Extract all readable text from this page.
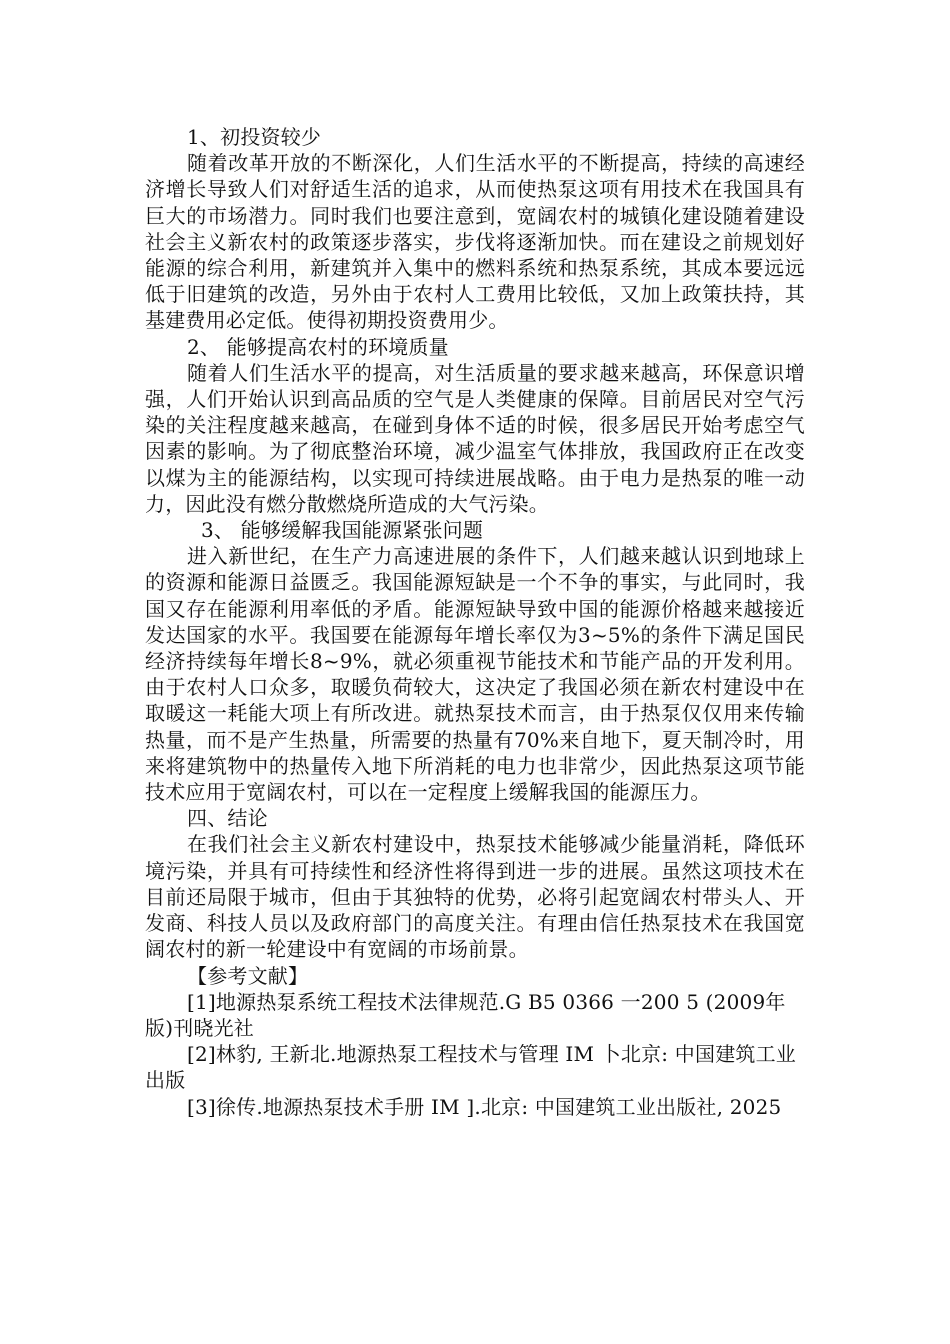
1、初投资较少

随着改革开放的不断深化，人们生活水平的不断提高，持续的高速经济增长导致人们对舒适生活的追求，从而使热泵这项有用技术在我国具有巨大的市场潜力。同时我们也要注意到，宽阔农村的城镇化建设随着建设社会主义新农村的政策逐步落实，步伐将逐渐加快。而在建设之前规划好能源的综合利用，新建筑并入集中的燃料系统和热泵系统，其成本要远远低于旧建筑的改造，另外由于农村人工费用比较低，又加上政策扶持，其基建费用必定低。使得初期投资费用少。

2、 能够提高农村的环境质量

随着人们生活水平的提高，对生活质量的要求越来越高，环保意识增强，人们开始认识到高品质的空气是人类健康的保障。目前居民对空气污染的关注程度越来越高，在碰到身体不适的时候，很多居民开始考虑空气因素的影响。为了彻底整治环境，减少温室气体排放，我国政府正在改变以煤为主的能源结构，以实现可持续进展战略。由于电力是热泵的唯一动力，因此没有燃分散燃烧所造成的大气污染。

3、 能够缓解我国能源紧张问题

进入新世纪，在生产力高速进展的条件下，人们越来越认识到地球上的资源和能源日益匮乏。我国能源短缺是一个不争的事实，与此同时，我国又存在能源利用率低的矛盾。能源短缺导致中国的能源价格越来越接近发达国家的水平。我国要在能源每年增长率仅为3~5%的条件下满足国民经济持续每年增长8~9%，就必须重视节能技术和节能产品的开发利用。由于农村人口众多，取暖负荷较大，这决定了我国必须在新农村建设中在取暖这一耗能大项上有所改进。就热泵技术而言，由于热泵仅仅用来传输热量，而不是产生热量，所需要的热量有70%来自地下，夏天制冷时，用来将建筑物中的热量传入地下所消耗的电力也非常少，因此热泵这项节能技术应用于宽阔农村，可以在一定程度上缓解我国的能源压力。

四、结论

在我们社会主义新农村建设中，热泵技术能够减少能量消耗，降低环境污染，并具有可持续性和经济性将得到进一步的进展。虽然这项技术在目前还局限于城市，但由于其独特的优势，必将引起宽阔农村带头人、开发商、科技人员以及政府部门的高度关注。有理由信任热泵技术在我国宽阔农村的新一轮建设中有宽阔的市场前景。

【参考文献】

[1]地源热泵系统工程技术法律规范.G B5 0366 一200 5 (2009年版)刊晓光社

[2]林豹, 王新北.地源热泵工程技术与管理 IM 卜北京: 中国建筑工业出版

[3]徐传.地源热泵技术手册 IM ].北京: 中国建筑工业出版社, 2025
